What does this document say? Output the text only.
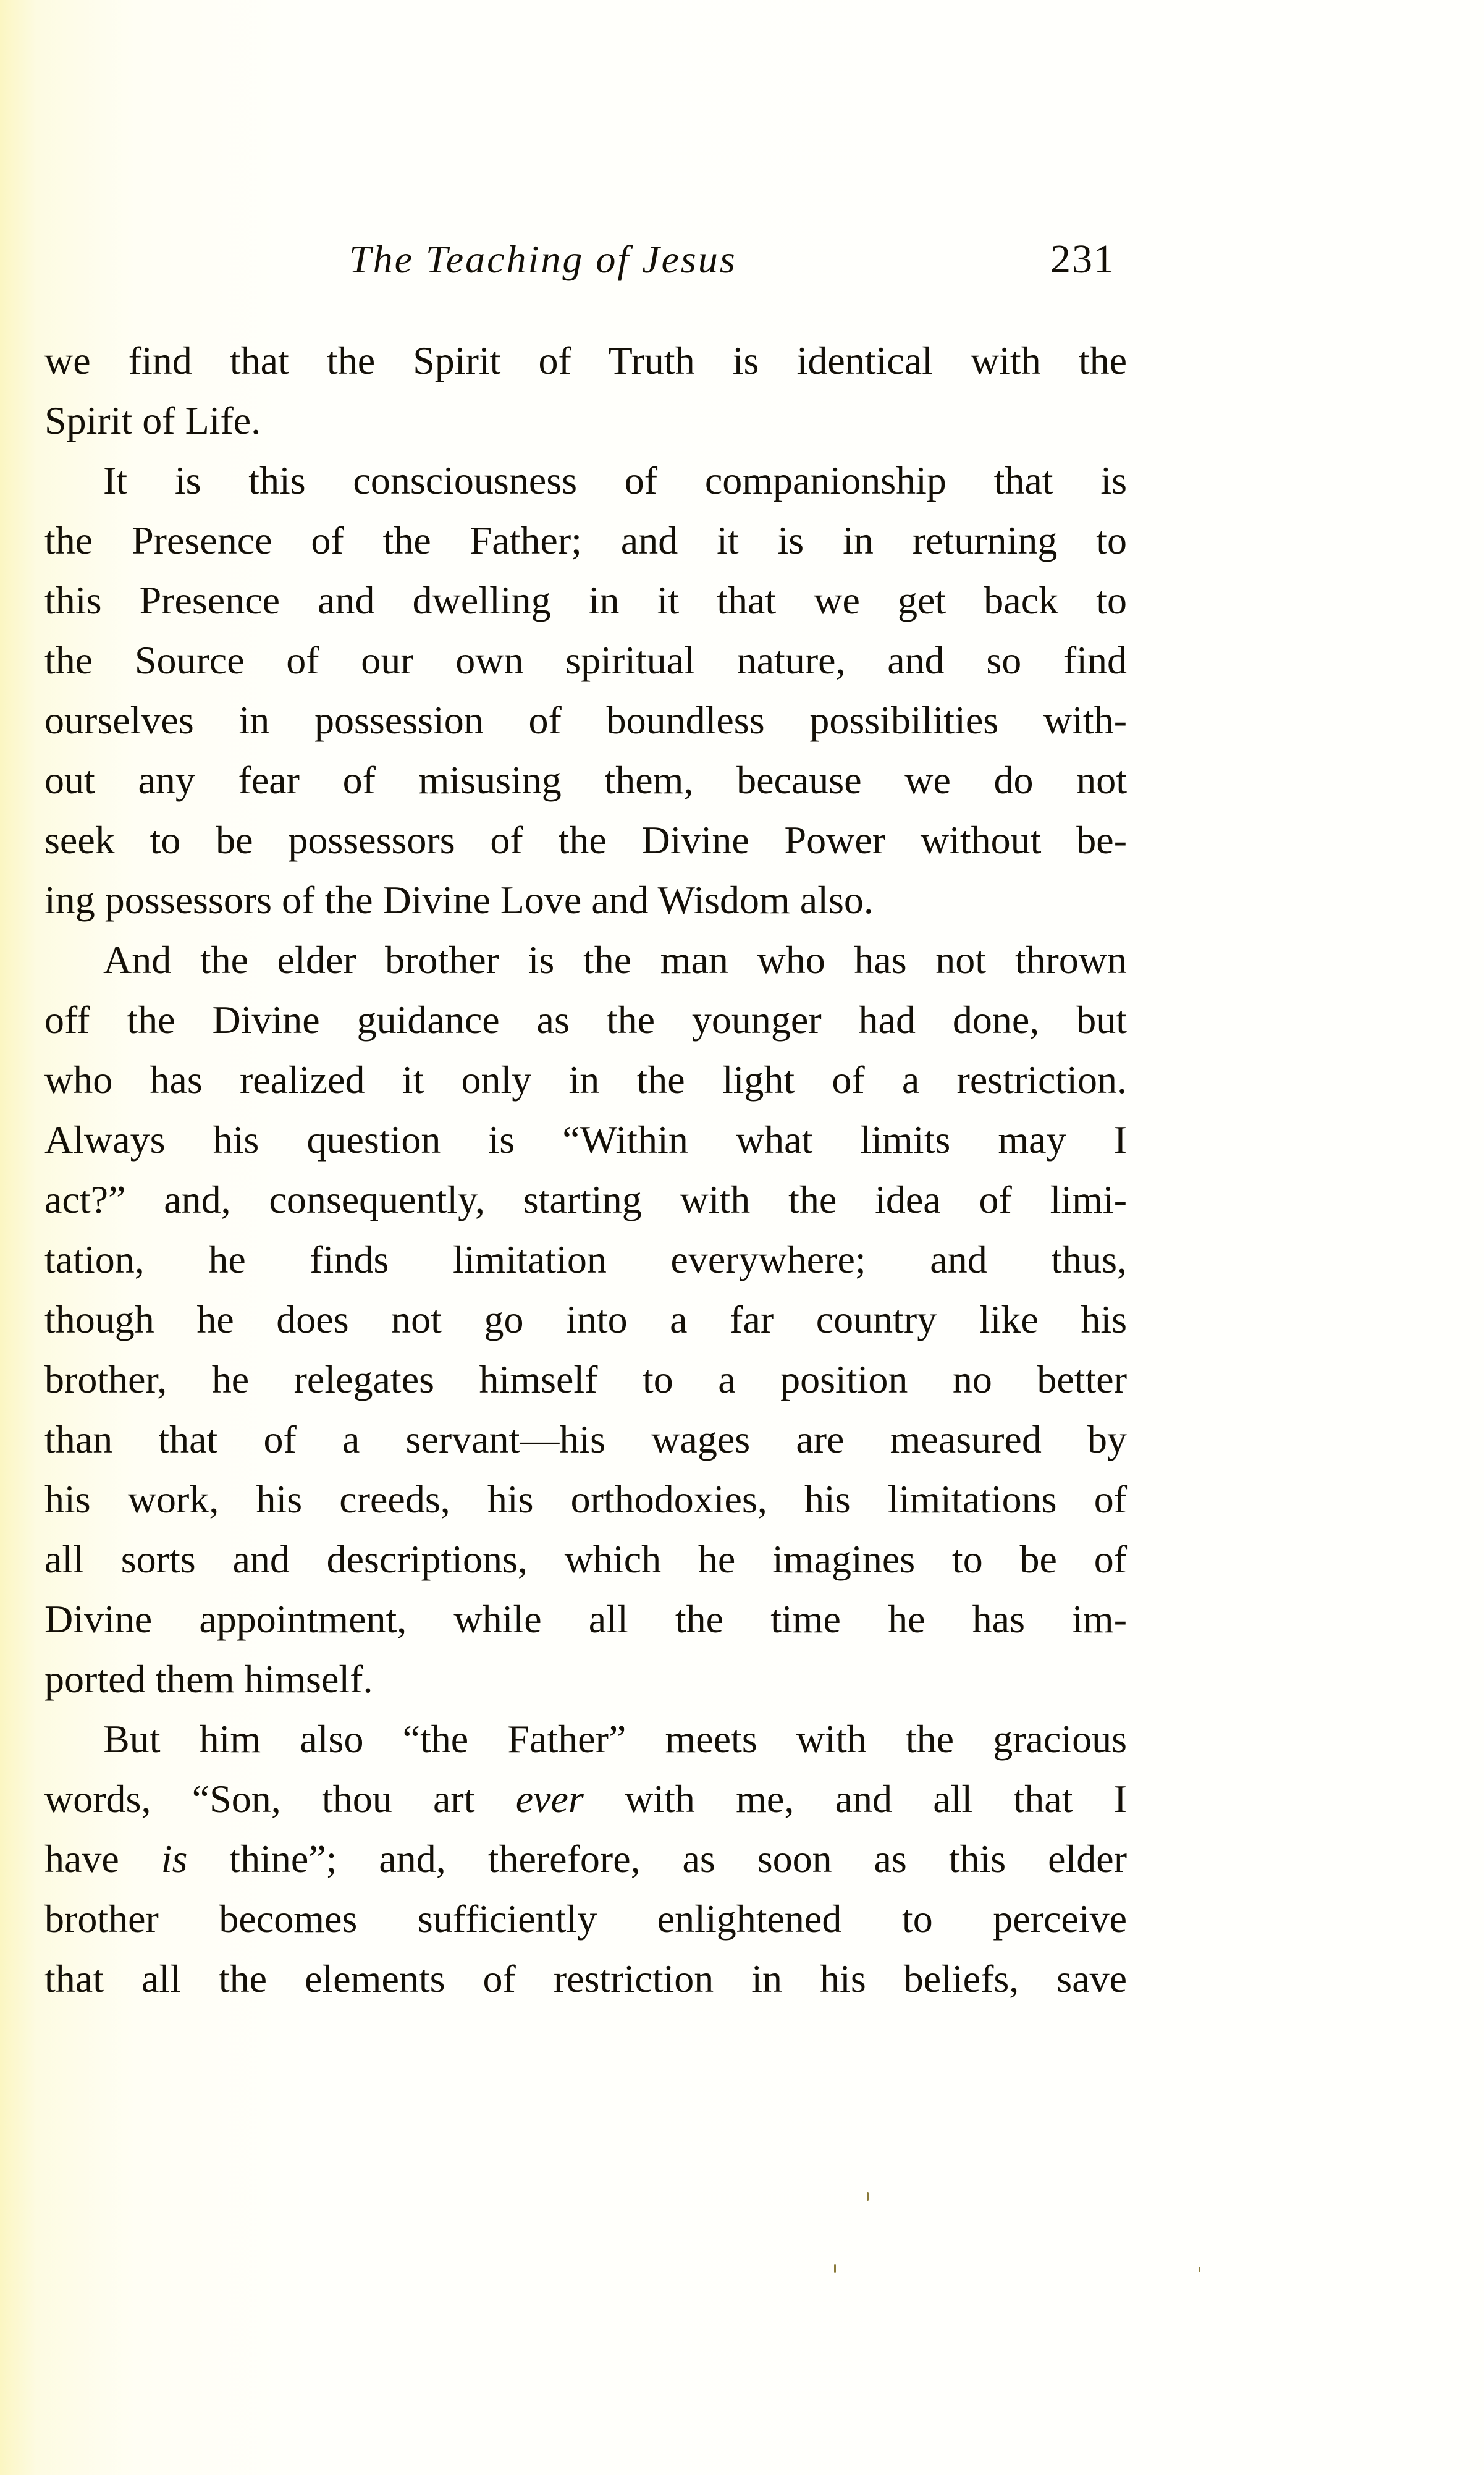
The Teaching of Jesus	231
we find that the Spirit of Truth is identical with the
Spirit of Life.
It is this consciousness of companionship that is
the Presence of the Father; and it is in returning to
this Presence and dwelling in it that we get back to
the Source of our own spiritual nature, and so find
ourselves in possession of boundless possibilities with-
out any fear of misusing them, because we do not
seek to be possessors of the Divine Power without be-
ing possessors of the Divine Love and Wisdom also.
And the elder brother is the man who has not thrown
off the Divine guidance as the younger had done, but
who has realized it only in the light of a restriction.
Always his question is “Within what limits may I
act?” and, consequently, starting with the idea of limi-
tation, he finds limitation everywhere; and thus,
though he does not go into a far country like his
brother, he relegates himself to a position no better
than that of a servant—his wages are measured by
his work, his creeds, his orthodoxies, his limitations of
all sorts and descriptions, which he imagines to be of
Divine appointment, while all the time he has im-
ported them himself.
But him also “the Father” meets with the gracious
words, “Son, thou art ever with me, and all that I
have is thine”; and, therefore, as soon as this elder
brother becomes sufficiently enlightened to perceive
that all the elements of restriction in his beliefs, save
